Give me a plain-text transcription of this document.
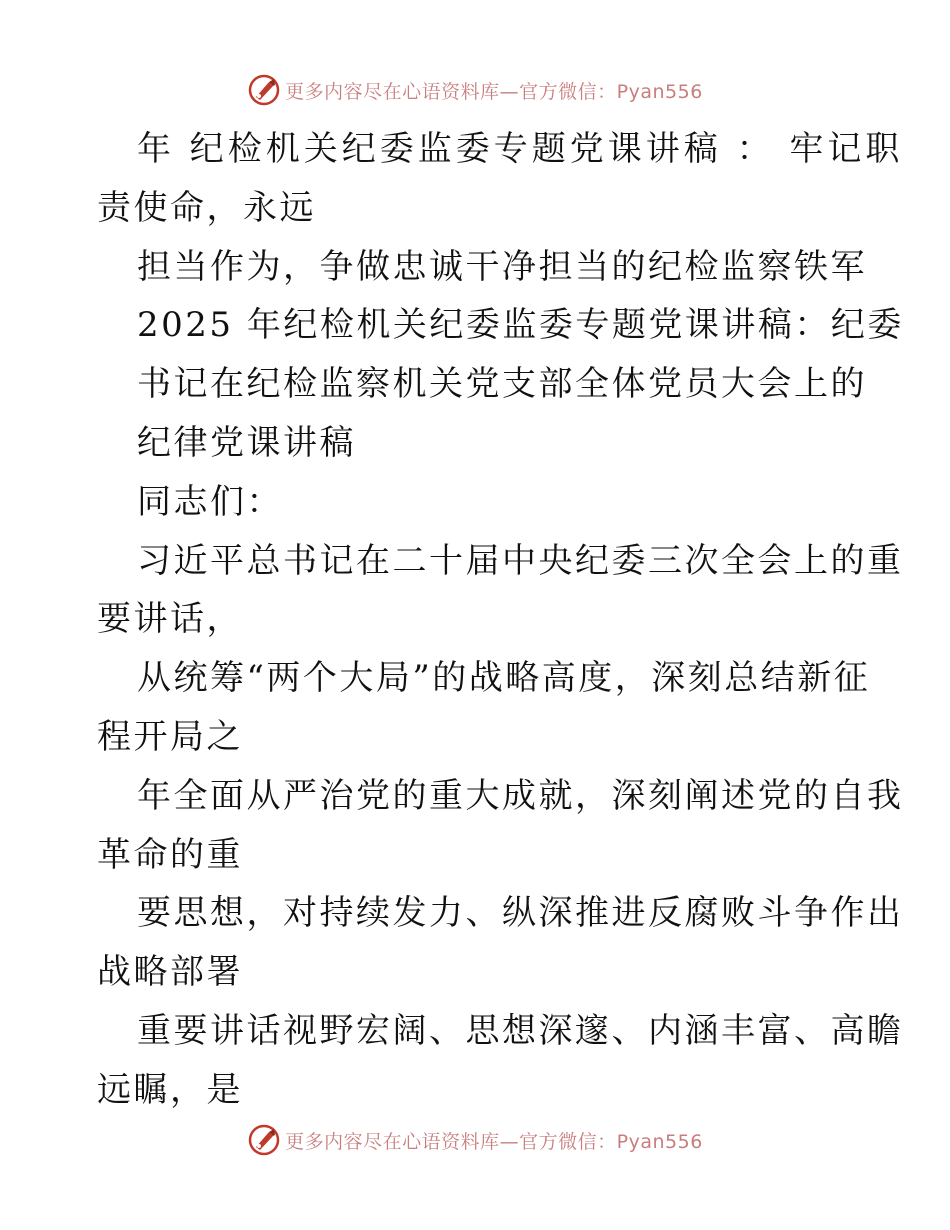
更多内容尽在心语资料库—官方微信：Pyan556
年 纪检机关纪委监委专题党课讲稿 ： 牢记职
责使命，永远
担当作为，争做忠诚干净担当的纪检监察铁军
2025 年纪检机关纪委监委专题党课讲稿：纪委
书记在纪检监察机关党支部全体党员大会上的
纪律党课讲稿
同志们：
习近平总书记在二十届中央纪委三次全会上的重
要讲话，
从统筹“两个大局”的战略高度，深刻总结新征
程开局之
年全面从严治党的重大成就，深刻阐述党的自我
革命的重
要思想，对持续发力、纵深推进反腐败斗争作出
战略部署
重要讲话视野宏阔、思想深邃、内涵丰富、高瞻
远瞩，是
更多内容尽在心语资料库—官方微信：Pyan556
